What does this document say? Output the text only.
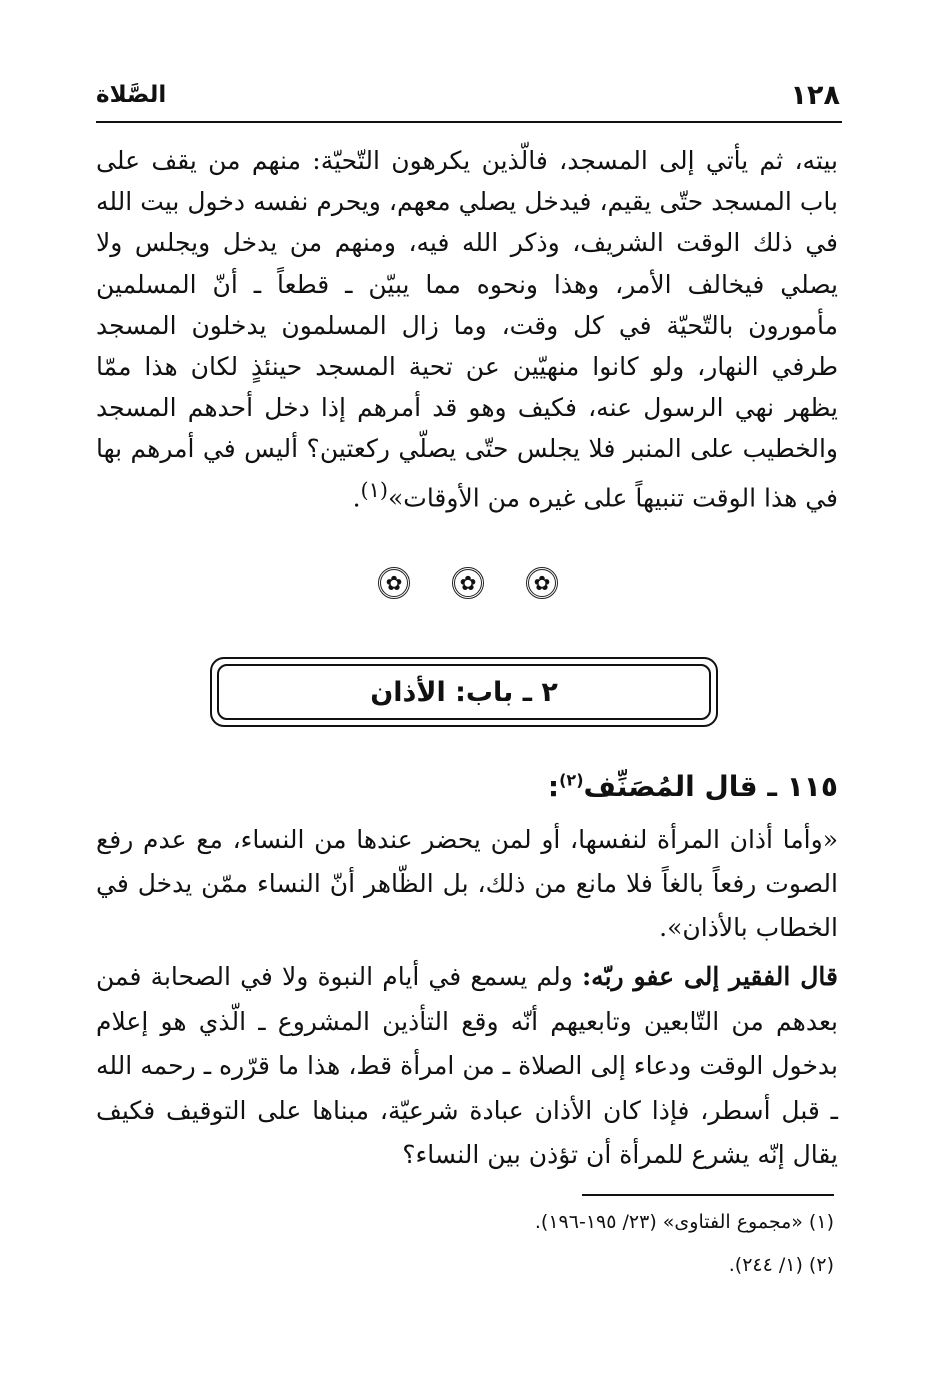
١٢٨
الصَّلاة
بيته، ثم يأتي إلى المسجد، فالّذين يكرهون التّحيّة: منهم من يقف على باب المسجد حتّى يقيم، فيدخل يصلي معهم، ويحرم نفسه دخول بيت الله في ذلك الوقت الشريف، وذكر الله فيه، ومنهم من يدخل ويجلس ولا يصلي فيخالف الأمر، وهذا ونحوه مما يبيّن ـ قطعاً ـ أنّ المسلمين مأمورون بالتّحيّة في كل وقت، وما زال المسلمون يدخلون المسجد طرفي النهار، ولو كانوا منهيّين عن تحية المسجد حينئذٍ لكان هذا ممّا يظهر نهي الرسول عنه، فكيف وهو قد أمرهم إذا دخل أحدهم المسجد والخطيب على المنبر فلا يجلس حتّى يصلّي ركعتين؟ أليس في أمرهم بها في هذا الوقت تنبيهاً على غيره من الأوقات»$^{(١)}$.
✿	✿	✿
٢ ـ باب: الأذان
١١٥ ـ قال المُصَنِّف$^{(٢)}$:
«وأما أذان المرأة لنفسها، أو لمن يحضر عندها من النساء، مع عدم رفع الصوت رفعاً بالغاً فلا مانع من ذلك، بل الظّاهر أنّ النساء ممّن يدخل في الخطاب بالأذان».
قال الفقير إلى عفو ربّه: ولم يسمع في أيام النبوة ولا في الصحابة فمن بعدهم من التّابعين وتابعيهم أنّه وقع التأذين المشروع ـ الّذي هو إعلام بدخول الوقت ودعاء إلى الصلاة ـ من امرأة قط، هذا ما قرّره ـ رحمه الله ـ قبل أسطر، فإذا كان الأذان عبادة شرعيّة، مبناها على التوقيف فكيف يقال إنّه يشرع للمرأة أن تؤذن بين النساء؟
(١) «مجموع الفتاوى» (٢٣/ ١٩٥-١٩٦).
(٢) (١/ ٢٤٤).
